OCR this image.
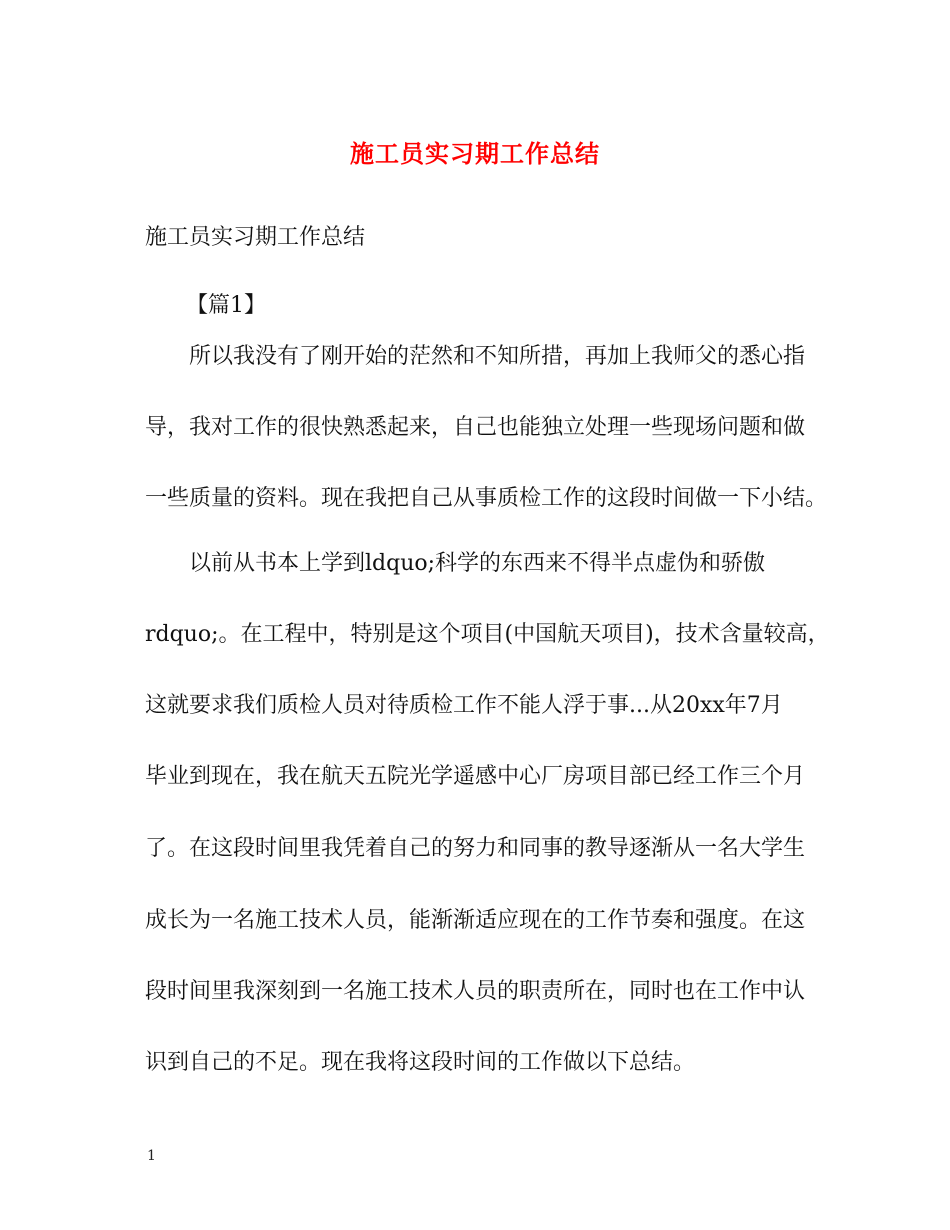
施工员实习期工作总结
施工员实习期工作总结
【篇1】
所以我没有了刚开始的茫然和不知所措，再加上我师父的悉心指
导，我对工作的很快熟悉起来，自己也能独立处理一些现场问题和做
一些质量的资料。现在我把自己从事质检工作的这段时间做一下小结。
以前从书本上学到ldquo;科学的东西来不得半点虚伪和骄傲
rdquo;。在工程中，特别是这个项目(中国航天项目)，技术含量较高，
这就要求我们质检人员对待质检工作不能人浮于事...从20xx年7月
毕业到现在，我在航天五院光学遥感中心厂房项目部已经工作三个月
了。在这段时间里我凭着自己的努力和同事的教导逐渐从一名大学生
成长为一名施工技术人员，能渐渐适应现在的工作节奏和强度。在这
段时间里我深刻到一名施工技术人员的职责所在，同时也在工作中认
识到自己的不足。现在我将这段时间的工作做以下总结。
1
